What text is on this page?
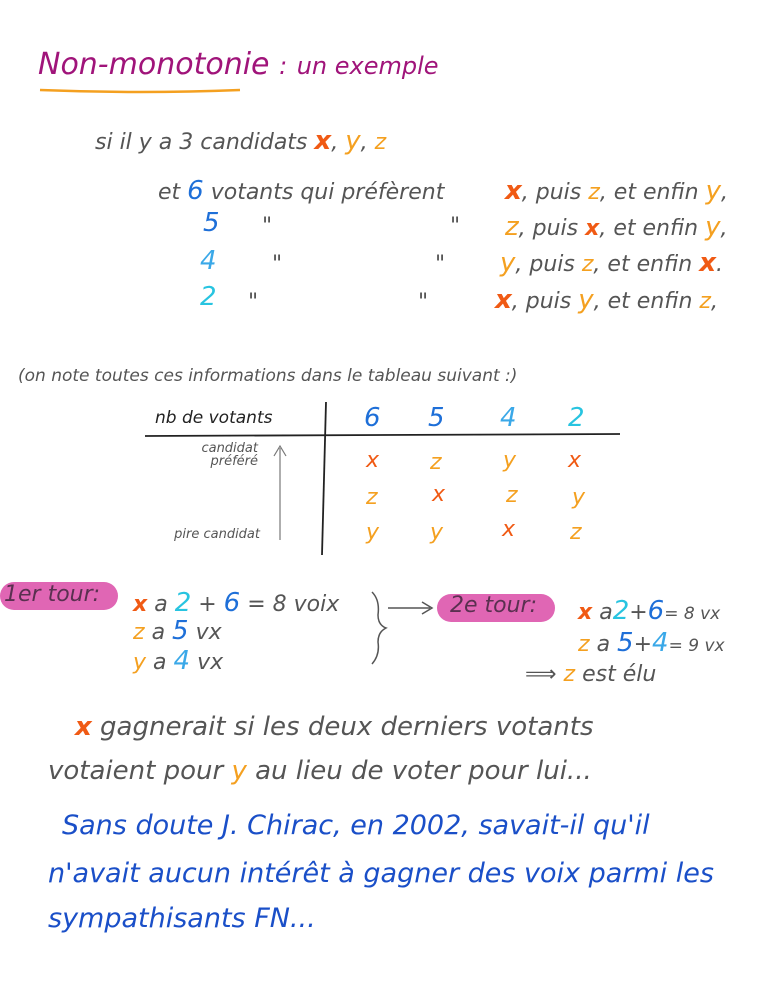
Non-monotonie : un exemple
si il y a 3 candidats x, y, z
et 6 votants qui préfèrent x, puis z, et enfin y,
5 "	" z, puis x, et enfin y,
4	"	" y, puis z, et enfin x.
2 "	"	x, puis y, et enfin z,
(on note toutes ces informations dans le tableau suivant :)
nb de votants	6 5 4 2
candidat préféré
pire candidat
x z	y x
z x	z y
y y	x z
1er tour: x a 2 + 6 = 8 voix
z a 5 vx
y a 4 vx
2e tour: x a2+6= 8 vx
z a 5+4= 9 vx
⟹ z est élu
x gagnerait si les deux derniers votants
votaient pour y au lieu de voter pour lui...
Sans doute J. Chirac, en 2002, savait-il qu'il
n'avait aucun intérêt à gagner des voix parmi les
sympathisants FN...
